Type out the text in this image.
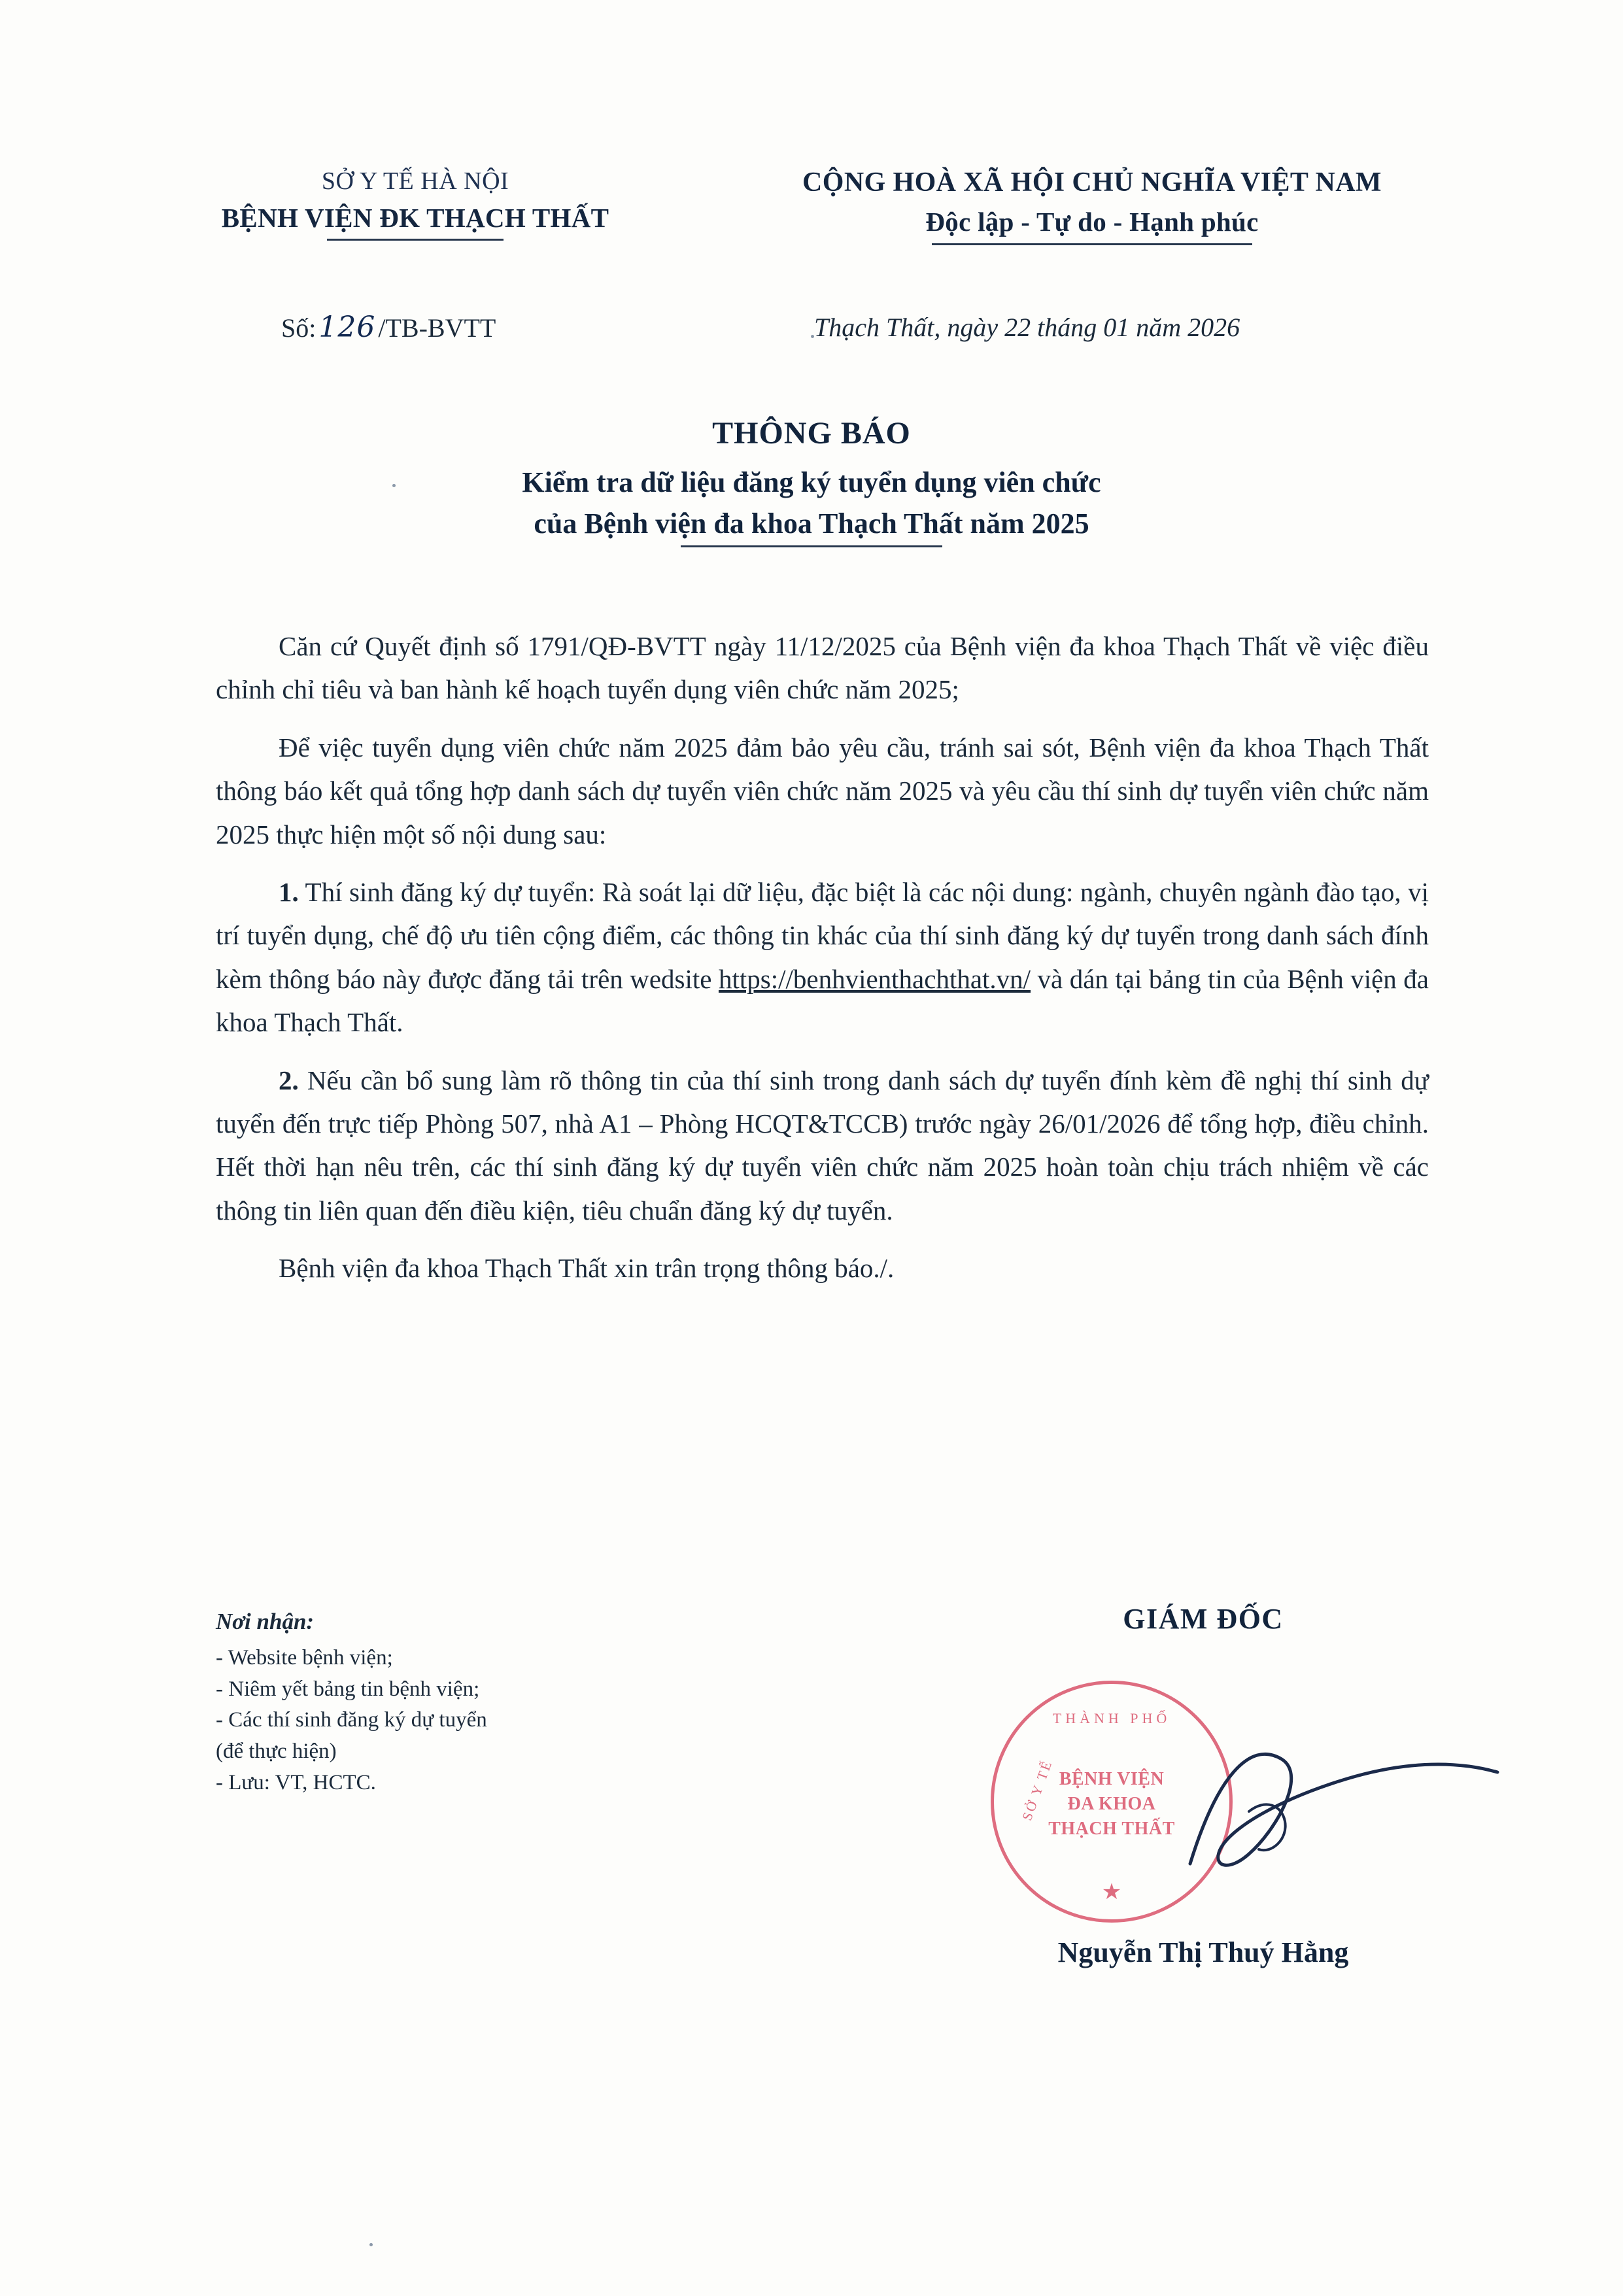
SỞ Y TẾ HÀ NỘI
BỆNH VIỆN ĐK THẠCH THẤT
CỘNG HOÀ XÃ HỘI CHỦ NGHĨA VIỆT NAM
Độc lập - Tự do - Hạnh phúc
Số:126 /TB-BVTT	Thạch Thất, ngày 22 tháng 01 năm 2026
THÔNG BÁO
Kiểm tra dữ liệu đăng ký tuyển dụng viên chức
của Bệnh viện đa khoa Thạch Thất năm 2025

Căn cứ Quyết định số 1791/QĐ-BVTT ngày 11/12/2025 của Bệnh viện đa khoa Thạch Thất về việc điều chỉnh chỉ tiêu và ban hành kế hoạch tuyển dụng viên chức năm 2025;

Để việc tuyển dụng viên chức năm 2025 đảm bảo yêu cầu, tránh sai sót, Bệnh viện đa khoa Thạch Thất thông báo kết quả tổng hợp danh sách dự tuyển viên chức năm 2025 và yêu cầu thí sinh dự tuyển viên chức năm 2025 thực hiện một số nội dung sau:

1. Thí sinh đăng ký dự tuyển: Rà soát lại dữ liệu, đặc biệt là các nội dung: ngành, chuyên ngành đào tạo, vị trí tuyển dụng, chế độ ưu tiên cộng điểm, các thông tin khác của thí sinh đăng ký dự tuyển trong danh sách đính kèm thông báo này được đăng tải trên wedsite https://benhvienthachthat.vn/ và dán tại bảng tin của Bệnh viện đa khoa Thạch Thất.

2. Nếu cần bổ sung làm rõ thông tin của thí sinh trong danh sách dự tuyển đính kèm đề nghị thí sinh dự tuyển đến trực tiếp Phòng 507, nhà A1 – Phòng HCQT&TCCB) trước ngày 26/01/2026 để tổng hợp, điều chỉnh. Hết thời hạn nêu trên, các thí sinh đăng ký dự tuyển viên chức năm 2025 hoàn toàn chịu trách nhiệm về các thông tin liên quan đến điều kiện, tiêu chuẩn đăng ký dự tuyển.

Bệnh viện đa khoa Thạch Thất xin trân trọng thông báo./.

Nơi nhận:
- Website bệnh viện;
- Niêm yết bảng tin bệnh viện;
- Các thí sinh đăng ký dự tuyển
(để thực hiện)
- Lưu: VT, HCTC.
GIÁM ĐỐC
Nguyễn Thị Thuý Hằng
THÀNH PHỐ
SỞ Y TẾ BỆNH VIỆN
ĐA KHOA
THẠCH THẤT
★
